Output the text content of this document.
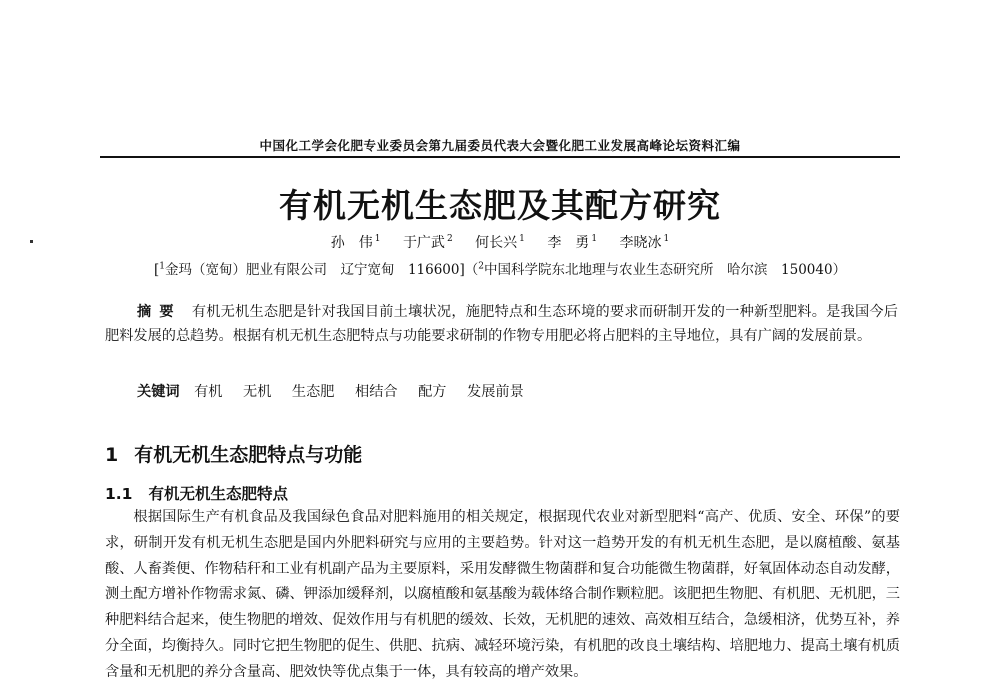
中国化工学会化肥专业委员会第九届委员代表大会暨化肥工业发展高峰论坛资料汇编
有机无机生态肥及其配方研究
孙　伟 $^1$ 于广武 $^2$ 何长兴 $^1$ 李　勇 $^1$ 李晓冰 $^1$
[$^1$金玛（宽甸）肥业有限公司　辽宁宽甸　116600]（$^2$中国科学院东北地理与农业生态研究所　哈尔滨　150040）
摘要 有机无机生态肥是针对我国目前土壤状况，施肥特点和生态环境的要求而研制开发的一种新型肥料。是我国今后肥料发展的总趋势。根据有机无机生态肥特点与功能要求研制的作物专用肥必将占肥料的主导地位，具有广阔的发展前景。
关键词 有机 无机 生态肥 相结合 配方 发展前景
1 有机无机生态肥特点与功能
1.1 有机无机生态肥特点
根据国际生产有机食品及我国绿色食品对肥料施用的相关规定，根据现代农业对新型肥料“高产、优质、安全、环保”的要求，研制开发有机无机生态肥是国内外肥料研究与应用的主要趋势。针对这一趋势开发的有机无机生态肥，是以腐植酸、氨基酸、人畜粪便、作物秸秆和工业有机副产品为主要原料，采用发酵微生物菌群和复合功能微生物菌群，好氧固体动态自动发酵，测土配方增补作物需求氮、磷、钾添加缓释剂，以腐植酸和氨基酸为载体络合制作颗粒肥。该肥把生物肥、有机肥、无机肥，三种肥料结合起来，使生物肥的增效、促效作用与有机肥的缓效、长效，无机肥的速效、高效相互结合，急缓相济，优势互补，养分全面，均衡持久。同时它把生物肥的促生、供肥、抗病、减轻环境污染，有机肥的改良土壤结构、培肥地力、提高土壤有机质含量和无机肥的养分含量高、肥效快等优点集于一体，具有较高的增产效果。
